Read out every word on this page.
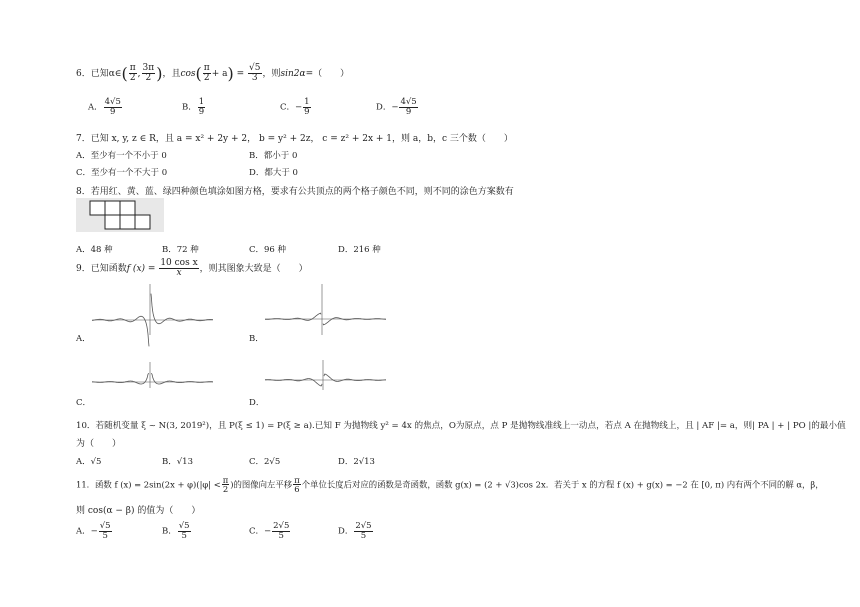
6．已知α∈( $\frac{\pi}{2}$ , $\frac{3\pi}{2}$ )，且$\cos( \frac{\pi}{2} + a) = \frac{√5}{3}$ ，则sin2α=（　　）
A． $\frac{4√5}{9}$	B． $\frac{1}{9}$	C．− $\frac{1}{9}$	D．− $\frac{4√5}{9}$
7．已知 x, y, z ∈ R，且 a = x² + 2y + 2， b = y² + 2z， c = z² + 2x + 1，则 a，b，c 三个数（　　）
A．至少有一个不小于 0	B．都小于 0
C．至少有一个不大于 0	D．都大于 0
8．若用红、黄、蓝、绿四种颜色填涂如图方格，要求有公共顶点的两个格子颜色不同，则不同的涂色方案数有
A．48 种	B．72 种	C．96 种	D．216 种
9．已知函数f $(x) = \frac{\text{10 cos x}}{x}$ ，则其图象大致是（　　）
A．	B．
C．	D．
10．若随机变量 ξ ~ N(3, 2019²)，且 P(ξ ≤ 1) = P(ξ ≥ a).已知 F 为抛物线 y² = 4x 的焦点，O为原点，点 P 是抛物线准线上一动点，若点 A 在抛物线上，且 | AF |= a，则| PA | + | PO |的最小值
为（　　）
A．√5	B．√13	C．2√5	D．2√13
11．函数 f $(x) = 2\sin(2x + \varphi)(|\varphi| < \frac{\pi}{2}$ )的图像向左平移 $\frac{\pi}{6}$ 个单位长度后对应的函数是奇函数，函数 g(x) = (2 + √3)cos 2x．若关于 x 的方程 f (x) + g(x) = −2 在 [0, π) 内有两个不同的解 α，β，
则 cos(α − β) 的值为（　　）
A．− $\frac{√5}{5}$	B． $\frac{√5}{5}$	C．− $\frac{2√5}{5}$	D． $\frac{2√5}{5}$
